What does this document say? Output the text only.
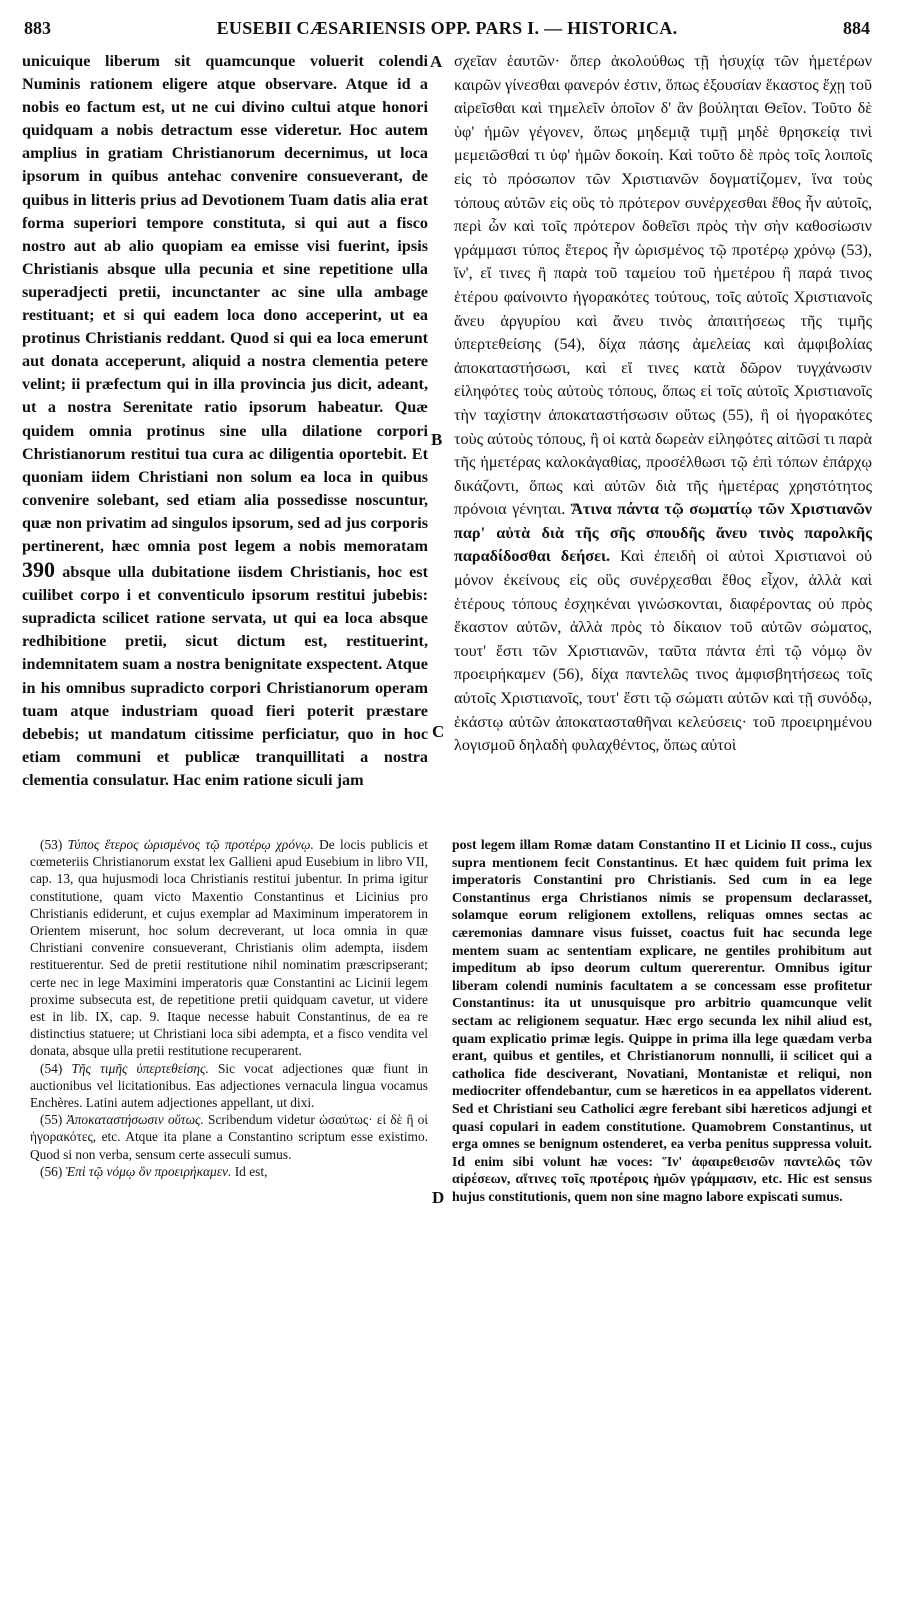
883	EUSEBII CÆSARIENSIS OPP. PARS I. — HISTORICA.	884
unicuique liberum sit quamcunque voluerit colendi Numinis rationem eligere atque observare. Atque id a nobis eo factum est, ut ne cui divino cultui atque honori quidquam a nobis detractum esse videretur. Hoc autem amplius in gratiam Christianorum decernimus, ut loca ipsorum in quibus antehac convenire consueverant, de quibus in litteris prius ad Devotionem Tuam datis alia erat forma superiori tempore constituta, si qui aut a fisco nostro aut ab alio quopiam ea emisse visi fuerint, ipsis Christianis absque ulla pecunia et sine repetitione ulla superadjecti pretii, incunctanter ac sine ulla ambage restituant; et si qui eadem loca dono acceperint, ut ea protinus Christianis reddant. Quod si qui ea loca emerunt aut donata acceperunt, aliquid a nostra clementia petere velint; ii præfectum qui in illa provincia jus dicit, adeant, ut a nostra Serenitate ratio ipsorum habeatur. Quæ quidem omnia protinus sine ulla dilatione corpori Christianorum restitui tua cura ac diligentia oportebit. Et quoniam iidem Christiani non solum ea loca in quibus convenire solebant, sed etiam alia possedisse noscuntur, quæ non privatim ad singulos ipsorum, sed ad jus corporis pertinerent, hæc omnia post legem a nobis memoratam 390 absque ulla dubitatione iisdem Christianis, hoc est cuilibet corpo i et conventiculo ipsorum restitui jubebis: supradicta scilicet ratione servata, ut qui ea loca absque redhibitione pretii, sicut dictum est, restituerint, indemnitatem suam a nostra benignitate exspectent. Atque in his omnibus supradicto corpori Christianorum operam tuam atque industriam quoad fieri poterit præstare debebis; ut mandatum citissime perficiatur, quo in hoc etiam communi et publicæ tranquillitati a nostra clementia consulatur. Hac enim ratione siculi jam
A
B
C
D
σχεῖαν ἑαυτῶν· ὅπερ ἀκολούθως τῇ ἡσυχίᾳ τῶν ἡμετέρων καιρῶν γίνεσθαι φανερόν ἐστιν, ὅπως ἐξουσίαν ἕκαστος ἔχῃ τοῦ αἱρεῖσθαι καὶ τημελεῖν ὁποῖον δ' ἂν βούληται Θεῖον. Τοῦτο δὲ ὑφ' ἡμῶν γέγονεν, ὅπως μηδεμιᾷ τιμῇ μηδὲ θρησκείᾳ τινὶ μεμειῶσθαί τι ὑφ' ἡμῶν δοκοίη. Καὶ τοῦτο δὲ πρὸς τοῖς λοιποῖς εἰς τὸ πρόσωπον τῶν Χριστιανῶν δογματίζομεν, ἵνα τοὺς τόπους αὐτῶν εἰς οὓς τὸ πρότερον συνέρχεσθαι ἔθος ἦν αὐτοῖς, περὶ ὧν καὶ τοῖς πρότερον δοθεῖσι πρὸς τὴν σὴν καθοσίωσιν γράμμασι τύπος ἕτερος ἦν ὡρισμένος τῷ προτέρῳ χρόνῳ (53), ἵν', εἴ τινες ἢ παρὰ τοῦ ταμείου τοῦ ἡμετέρου ἢ παρά τινος ἑτέρου φαίνοιντο ἠγορακότες τούτους, τοῖς αὐτοῖς Χριστιανοῖς ἄνευ ἀργυρίου καὶ ἄνευ τινὸς ἀπαιτήσεως τῆς τιμῆς ὑπερτεθείσης (54), δίχα πάσης ἀμελείας καὶ ἀμφιβολίας ἀποκαταστήσωσι, καὶ εἴ τινες κατὰ δῶρον τυγχάνωσιν εἰληφότες τοὺς αὐτοὺς τόπους, ὅπως εἰ τοῖς αὐτοῖς Χριστιανοῖς τὴν ταχίστην ἀποκαταστήσωσιν οὕτως (55), ἢ οἱ ἠγορακότες τοὺς αὐτοὺς τόπους, ἢ οἱ κατὰ δωρεὰν εἰληφότες αἰτῶσί τι παρὰ τῆς ἡμετέρας καλοκἀγαθίας, προσέλθωσι τῷ ἐπὶ τόπων ἐπάρχῳ δικάζοντι, ὅπως καὶ αὐτῶν διὰ τῆς ἡμετέρας χρηστότητος πρόνοια γένηται. Ἅτινα πάντα τῷ σωματίῳ τῶν Χριστιανῶν παρ' αὐτὰ διὰ τῆς σῆς σπουδῆς ἄνευ τινὸς παρολκῆς παραδίδοσθαι δεήσει. Καὶ ἐπειδὴ οἱ αὐτοὶ Χριστιανοὶ οὐ μόνον ἐκείνους εἰς οὓς συνέρχεσθαι ἔθος εἶχον, ἀλλὰ καὶ ἑτέρους τόπους ἐσχηκέναι γινώσκονται, διαφέροντας οὐ πρὸς ἕκαστον αὐτῶν, ἀλλὰ πρὸς τὸ δίκαιον τοῦ αὐτῶν σώματος, τουτ' ἔστι τῶν Χριστιανῶν, ταῦτα πάντα ἐπὶ τῷ νόμῳ ὃν προειρήκαμεν (56), δίχα παντελῶς τινος ἀμφισβητήσεως τοῖς αὐτοῖς Χριστιανοῖς, τουτ' ἔστι τῷ σώματι αὐτῶν καὶ τῇ συνόδῳ, ἑκάστῳ αὐτῶν ἀποκατασταθῆναι κελεύσεις· τοῦ προειρημένου λογισμοῦ δηλαδὴ φυλαχθέντος, ὅπως αὐτοὶ

(53) Τύπος ἕτερος ὡρισμένος τῷ προτέρῳ χρόνῳ. De locis publicis et cœmeteriis Christianorum exstat lex Gallieni apud Eusebium in libro VII, cap. 13, qua hujusmodi loca Christianis restitui jubentur. In prima igitur constitutione, quam victo Maxentio Constantinus et Licinius pro Christianis ediderunt, et cujus exemplar ad Maximinum imperatorem in Orientem miserunt, hoc solum decreverant, ut loca omnia in quæ Christiani convenire consueverant, Christianis olim adempta, iisdem restituerentur. Sed de pretii restitutione nihil nominatim præscripserant; certe nec in lege Maximini imperatoris quæ Constantini ac Licinii legem proxime subsecuta est, de repetitione pretii quidquam cavetur, ut videre est in lib. IX, cap. 9. Itaque necesse habuit Constantinus, de ea re distinctius statuere; ut Christiani loca sibi adempta, et a fisco vendita vel donata, absque ulla pretii restitutione recuperarent.

(54) Τῆς τιμῆς ὑπερτεθείσης. Sic vocat adjectiones quæ fiunt in auctionibus vel licitationibus. Eas adjectiones vernacula lingua vocamus Enchères. Latini autem adjectiones appellant, ut dixi.

(55) Ἀποκαταστήσωσιν οὕτως. Scribendum videtur ὡσαύτως· εἰ δὲ ἢ οἱ ἠγορακότες, etc. Atque ita plane a Constantino scriptum esse existimo. Quod si non verba, sensum certe asseculi sumus.

(56) Ἐπὶ τῷ νόμῳ ὃν προειρήκαμεν. Id est,

post legem illam Romæ datam Constantino II et Licinio II coss., cujus supra mentionem fecit Constantinus. Et hæc quidem fuit prima lex imperatoris Constantini pro Christianis. Sed cum in ea lege Constantinus erga Christianos nimis se propensum declarasset, solamque eorum religionem extollens, reliquas omnes sectas ac cæremonias damnare visus fuisset, coactus fuit hac secunda lege mentem suam ac sententiam explicare, ne gentiles prohibitum aut impeditum ab ipso deorum cultum quererentur. Omnibus igitur liberam colendi numinis facultatem a se concessam esse profitetur Constantinus: ita ut unusquisque pro arbitrio quamcunque velit sectam ac religionem sequatur. Hæc ergo secunda lex nihil aliud est, quam explicatio primæ legis. Quippe in prima illa lege quædam verba erant, quibus et gentiles, et Christianorum nonnulli, ii scilicet qui a catholica fide desciverant, Novatiani, Montanistæ et reliqui, non mediocriter offendebantur, cum se hæreticos in ea appellatos viderent. Sed et Christiani seu Catholici ægre ferebant sibi hæreticos adjungi et quasi copulari in eadem constitutione. Quamobrem Constantinus, ut erga omnes se benignum ostenderet, ea verba penitus suppressa voluit. Id enim sibi volunt hæ voces: Ἵν' ἀφαιρεθεισῶν παντελῶς τῶν αἱρέσεων, αἵτινες τοῖς προτέροις ἡμῶν γράμμασιν, etc. Hic est sensus hujus constitutionis, quem non sine magno labore expiscati sumus.
